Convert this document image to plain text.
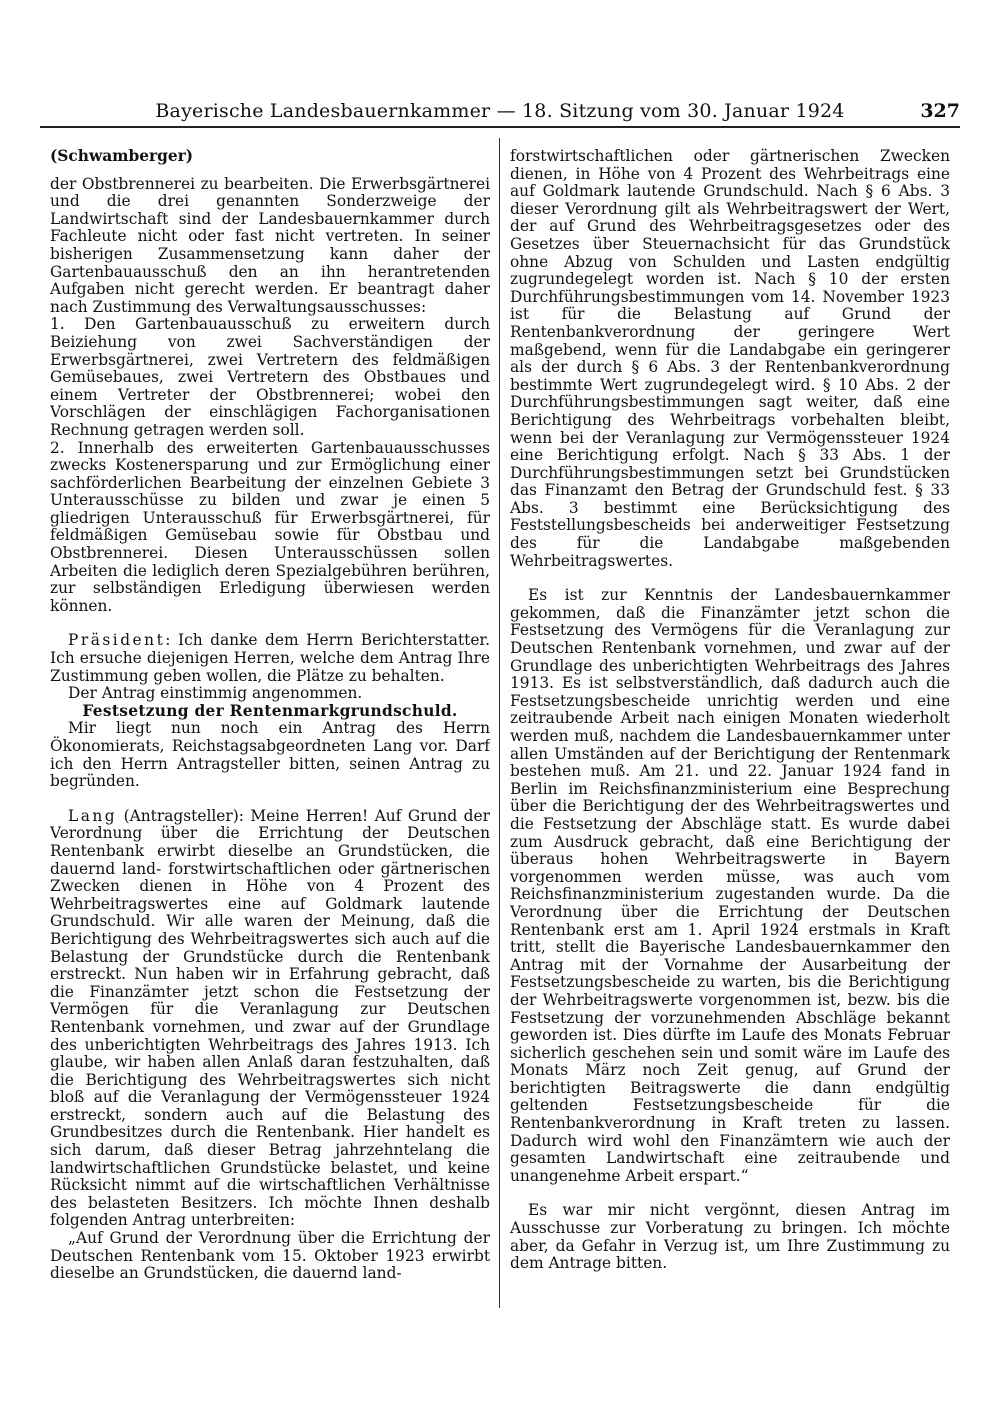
Bayerische Landesbauernkammer — 18. Sitzung vom 30. Januar 1924	327
(Schwamberger)

der Obstbrennerei zu bearbeiten. Die Erwerbsgärtnerei und die drei genannten Sonderzweige der Landwirtschaft sind der Landesbauernkammer durch Fachleute nicht oder fast nicht vertreten. In seiner bisherigen Zusammensetzung kann daher der Gartenbauausschuß den an ihn herantretenden Aufgaben nicht gerecht werden. Er beantragt daher nach Zustimmung des Verwaltungsausschusses:

1. Den Gartenbauausschuß zu erweitern durch Beiziehung von zwei Sachverständigen der Erwerbsgärtnerei, zwei Vertretern des feldmäßigen Gemüsebaues, zwei Vertretern des Obstbaues und einem Vertreter der Obstbrennerei; wobei den Vorschlägen der einschlägigen Fachorganisationen Rechnung getragen werden soll.

2. Innerhalb des erweiterten Gartenbauausschusses zwecks Kostenersparung und zur Ermöglichung einer sachförderlichen Bearbeitung der einzelnen Gebiete 3 Unterausschüsse zu bilden und zwar je einen 5 gliedrigen Unterausschuß für Erwerbsgärtnerei, für feldmäßigen Gemüsebau sowie für Obstbau und Obstbrennerei. Diesen Unterausschüssen sollen Arbeiten die lediglich deren Spezialgebühren berühren, zur selbständigen Erledigung überwiesen werden können.

Präsident: Ich danke dem Herrn Berichterstatter. Ich ersuche diejenigen Herren, welche dem Antrag Ihre Zustimmung geben wollen, die Plätze zu behalten.

Der Antrag einstimmig angenommen.

Festsetzung der Rentenmarkgrundschuld.

Mir liegt nun noch ein Antrag des Herrn Ökonomierats, Reichstagsabgeordneten Lang vor. Darf ich den Herrn Antragsteller bitten, seinen Antrag zu begründen.

Lang (Antragsteller): Meine Herren! Auf Grund der Verordnung über die Errichtung der Deutschen Rentenbank erwirbt dieselbe an Grundstücken, die dauernd land- forstwirtschaftlichen oder gärtnerischen Zwecken dienen in Höhe von 4 Prozent des Wehrbeitragswertes eine auf Goldmark lautende Grundschuld. Wir alle waren der Meinung, daß die Berichtigung des Wehrbeitragswertes sich auch auf die Belastung der Grundstücke durch die Rentenbank erstreckt. Nun haben wir in Erfahrung gebracht, daß die Finanzämter jetzt schon die Festsetzung der Vermögen für die Veranlagung zur Deutschen Rentenbank vornehmen, und zwar auf der Grundlage des unberichtigten Wehrbeitrags des Jahres 1913. Ich glaube, wir haben allen Anlaß daran festzuhalten, daß die Berichtigung des Wehrbeitragswertes sich nicht bloß auf die Veranlagung der Vermögenssteuer 1924 erstreckt, sondern auch auf die Belastung des Grundbesitzes durch die Rentenbank. Hier handelt es sich darum, daß dieser Betrag jahrzehntelang die landwirtschaftlichen Grundstücke belastet, und keine Rücksicht nimmt auf die wirtschaftlichen Verhältnisse des belasteten Besitzers. Ich möchte Ihnen deshalb folgenden Antrag unterbreiten:

„Auf Grund der Verordnung über die Errichtung der Deutschen Rentenbank vom 15. Oktober 1923 erwirbt dieselbe an Grundstücken, die dauernd land-

forstwirtschaftlichen oder gärtnerischen Zwecken dienen, in Höhe von 4 Prozent des Wehrbeitrags eine auf Goldmark lautende Grundschuld. Nach § 6 Abs. 3 dieser Verordnung gilt als Wehrbeitragswert der Wert, der auf Grund des Wehrbeitragsgesetzes oder des Gesetzes über Steuernachsicht für das Grundstück ohne Abzug von Schulden und Lasten endgültig zugrundegelegt worden ist. Nach § 10 der ersten Durchführungsbestimmungen vom 14. November 1923 ist für die Belastung auf Grund der Rentenbankverordnung der geringere Wert maßgebend, wenn für die Landabgabe ein geringerer als der durch § 6 Abs. 3 der Rentenbankverordnung bestimmte Wert zugrundegelegt wird. § 10 Abs. 2 der Durchführungsbestimmungen sagt weiter, daß eine Berichtigung des Wehrbeitrags vorbehalten bleibt, wenn bei der Veranlagung zur Vermögenssteuer 1924 eine Berichtigung erfolgt. Nach § 33 Abs. 1 der Durchführungsbestimmungen setzt bei Grundstücken das Finanzamt den Betrag der Grundschuld fest. § 33 Abs. 3 bestimmt eine Berücksichtigung des Feststellungsbescheids bei anderweitiger Festsetzung des für die Landabgabe maßgebenden Wehrbeitragswertes.

Es ist zur Kenntnis der Landesbauernkammer gekommen, daß die Finanzämter jetzt schon die Festsetzung des Vermögens für die Veranlagung zur Deutschen Rentenbank vornehmen, und zwar auf der Grundlage des unberichtigten Wehrbeitrags des Jahres 1913. Es ist selbstverständlich, daß dadurch auch die Festsetzungsbescheide unrichtig werden und eine zeitraubende Arbeit nach einigen Monaten wiederholt werden muß, nachdem die Landesbauernkammer unter allen Umständen auf der Berichtigung der Rentenmark bestehen muß. Am 21. und 22. Januar 1924 fand in Berlin im Reichsfinanzministerium eine Besprechung über die Berichtigung der des Wehrbeitragswertes und die Festsetzung der Abschläge statt. Es wurde dabei zum Ausdruck gebracht, daß eine Berichtigung der überaus hohen Wehrbeitragswerte in Bayern vorgenommen werden müsse, was auch vom Reichsfinanzministerium zugestanden wurde. Da die Verordnung über die Errichtung der Deutschen Rentenbank erst am 1. April 1924 erstmals in Kraft tritt, stellt die Bayerische Landesbauernkammer den Antrag mit der Vornahme der Ausarbeitung der Festsetzungsbescheide zu warten, bis die Berichtigung der Wehrbeitragswerte vorgenommen ist, bezw. bis die Festsetzung der vorzunehmenden Abschläge bekannt geworden ist. Dies dürfte im Laufe des Monats Februar sicherlich geschehen sein und somit wäre im Laufe des Monats März noch Zeit genug, auf Grund der berichtigten Beitragswerte die dann endgültig geltenden Festsetzungsbescheide für die Rentenbankverordnung in Kraft treten zu lassen. Dadurch wird wohl den Finanzämtern wie auch der gesamten Landwirtschaft eine zeitraubende und unangenehme Arbeit erspart.“

Es war mir nicht vergönnt, diesen Antrag im Ausschusse zur Vorberatung zu bringen. Ich möchte aber, da Gefahr in Verzug ist, um Ihre Zustimmung zu dem Antrage bitten.
